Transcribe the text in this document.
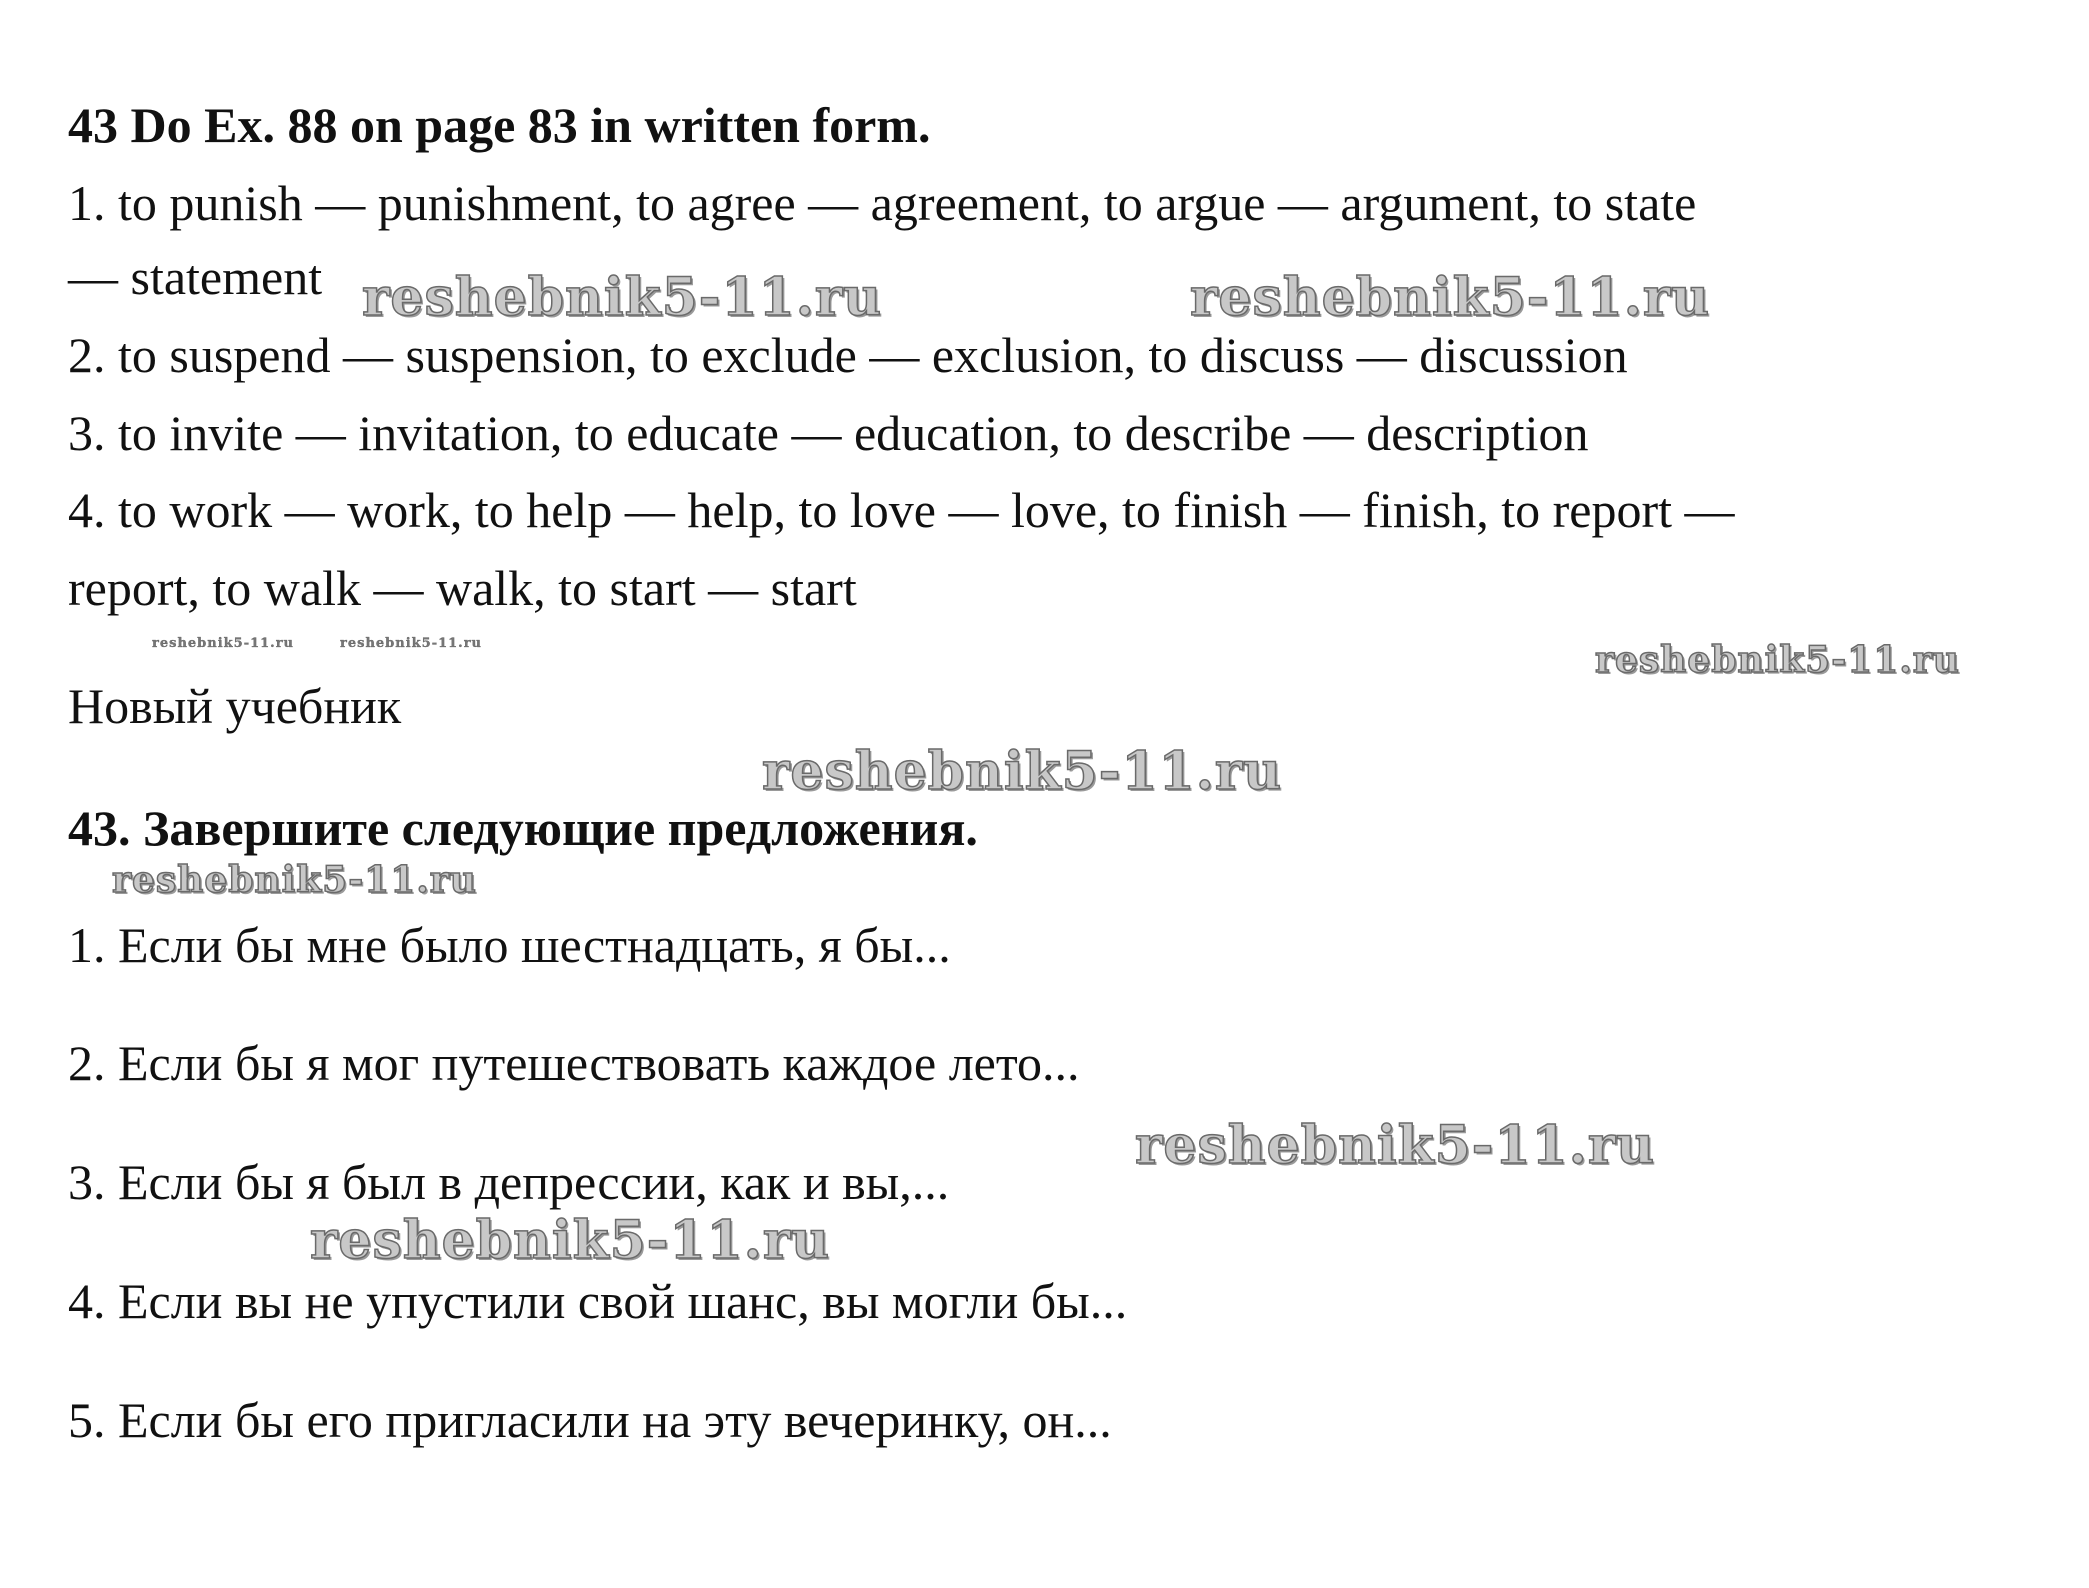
43 Do Ex. 88 on page 83 in written form.
1. to punish — punishment, to agree — agreement, to argue — argument, to state
— statement
2. to suspend — suspension, to exclude — exclusion, to discuss — discussion
3. to invite — invitation, to educate — education, to describe — description
4. to work — work, to help — help, to love — love, to finish — finish, to report —
report, to walk — walk, to start — start
Новый учебник
43. Завершите следующие предложения.
1. Если бы мне было шестнадцать, я бы...
2. Если бы я мог путешествовать каждое лето...
3. Если бы я был в депрессии, как и вы,...
4. Если вы не упустили свой шанс, вы могли бы...
5. Если бы его пригласили на эту вечеринку, он...
reshebnik5-11.ru	reshebnik5-11.ru
reshebnik5-11.ru	reshebnik5-11.ru	reshebnik5-11.ru
reshebnik5-11.ru
reshebnik5-11.ru
reshebnik5-11.ru
reshebnik5-11.ru
